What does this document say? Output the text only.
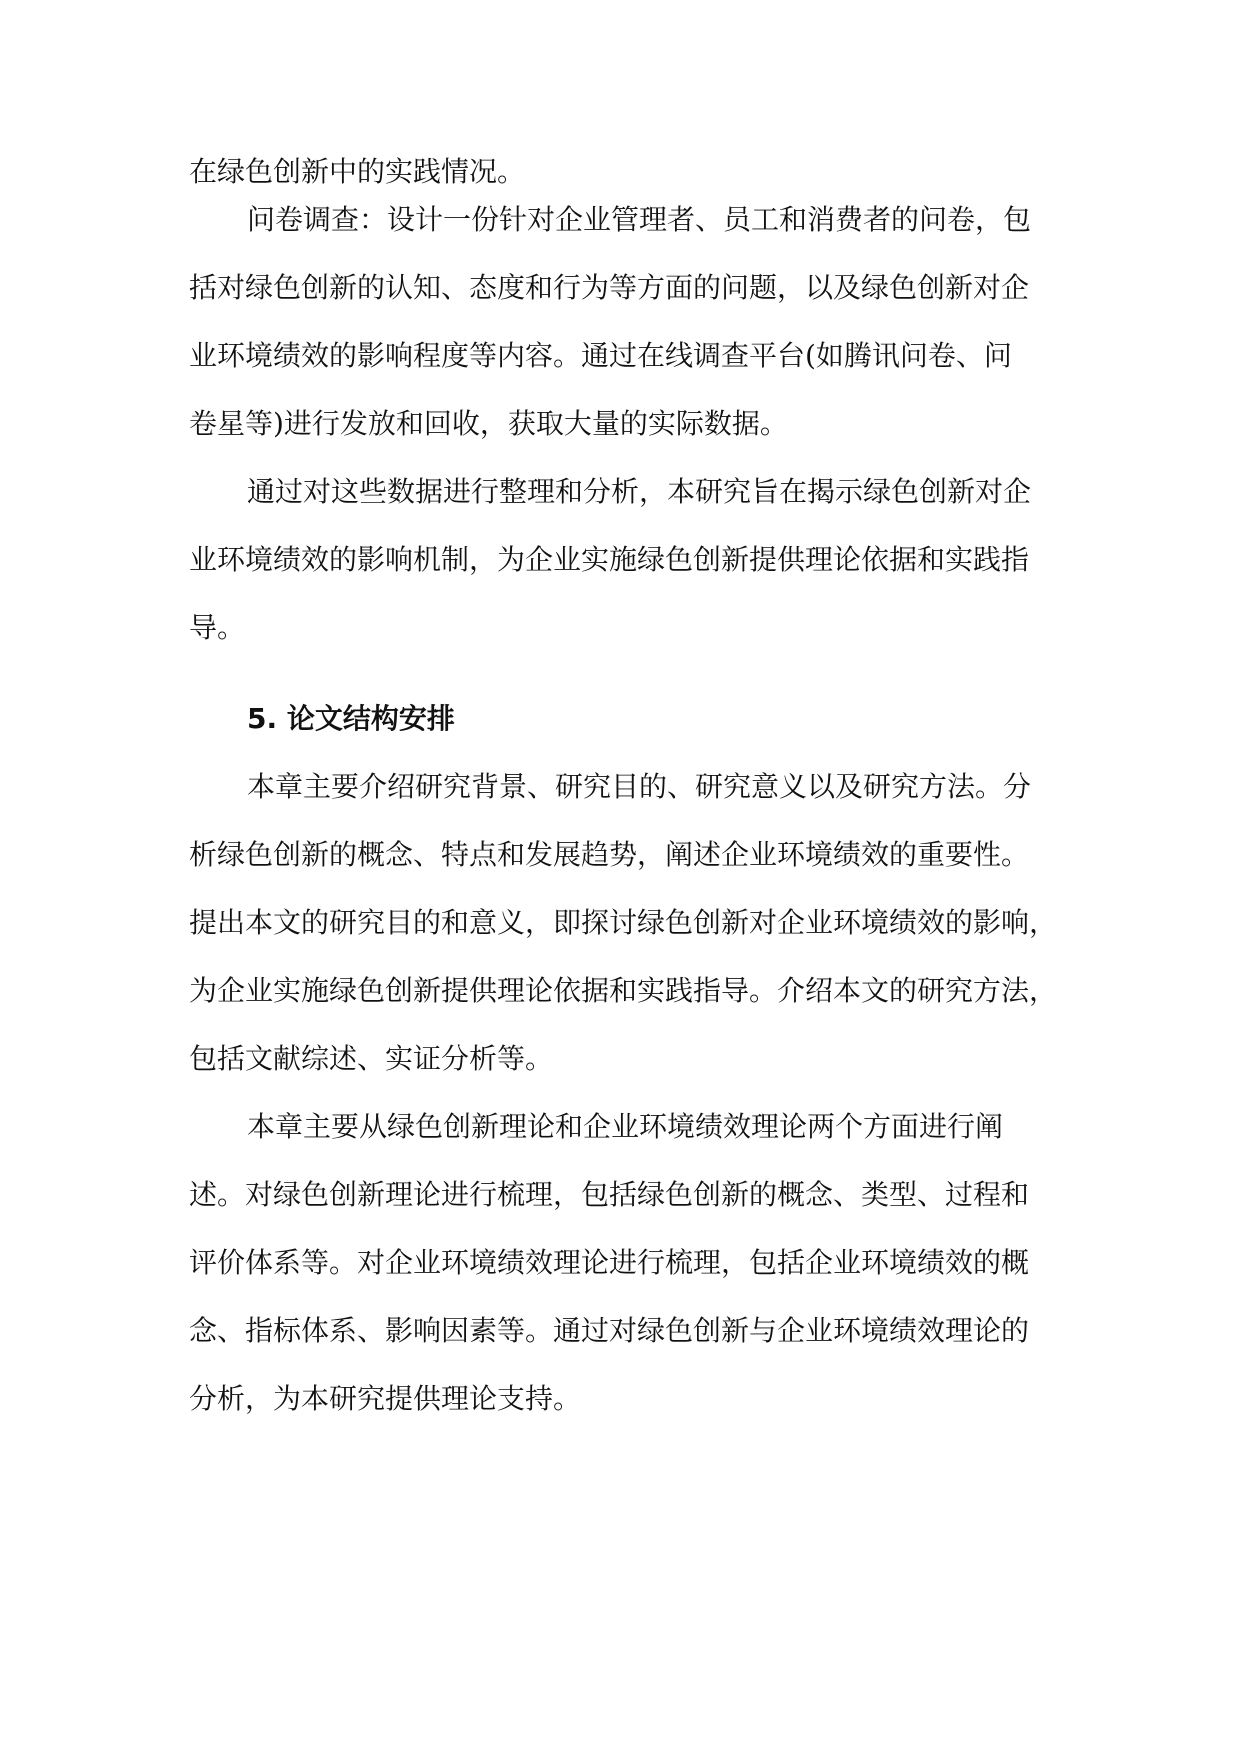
在绿色创新中的实践情况。
问卷调查：设计一份针对企业管理者、员工和消费者的问卷，包
括对绿色创新的认知、态度和行为等方面的问题，以及绿色创新对企
业环境绩效的影响程度等内容。通过在线调查平台(如腾讯问卷、问
卷星等)进行发放和回收，获取大量的实际数据。
通过对这些数据进行整理和分析，本研究旨在揭示绿色创新对企
业环境绩效的影响机制，为企业实施绿色创新提供理论依据和实践指
导。
5. 论文结构安排
本章主要介绍研究背景、研究目的、研究意义以及研究方法。分
析绿色创新的概念、特点和发展趋势，阐述企业环境绩效的重要性。
提出本文的研究目的和意义，即探讨绿色创新对企业环境绩效的影响，
为企业实施绿色创新提供理论依据和实践指导。介绍本文的研究方法，
包括文献综述、实证分析等。
本章主要从绿色创新理论和企业环境绩效理论两个方面进行阐
述。对绿色创新理论进行梳理，包括绿色创新的概念、类型、过程和
评价体系等。对企业环境绩效理论进行梳理，包括企业环境绩效的概
念、指标体系、影响因素等。通过对绿色创新与企业环境绩效理论的
分析，为本研究提供理论支持。
